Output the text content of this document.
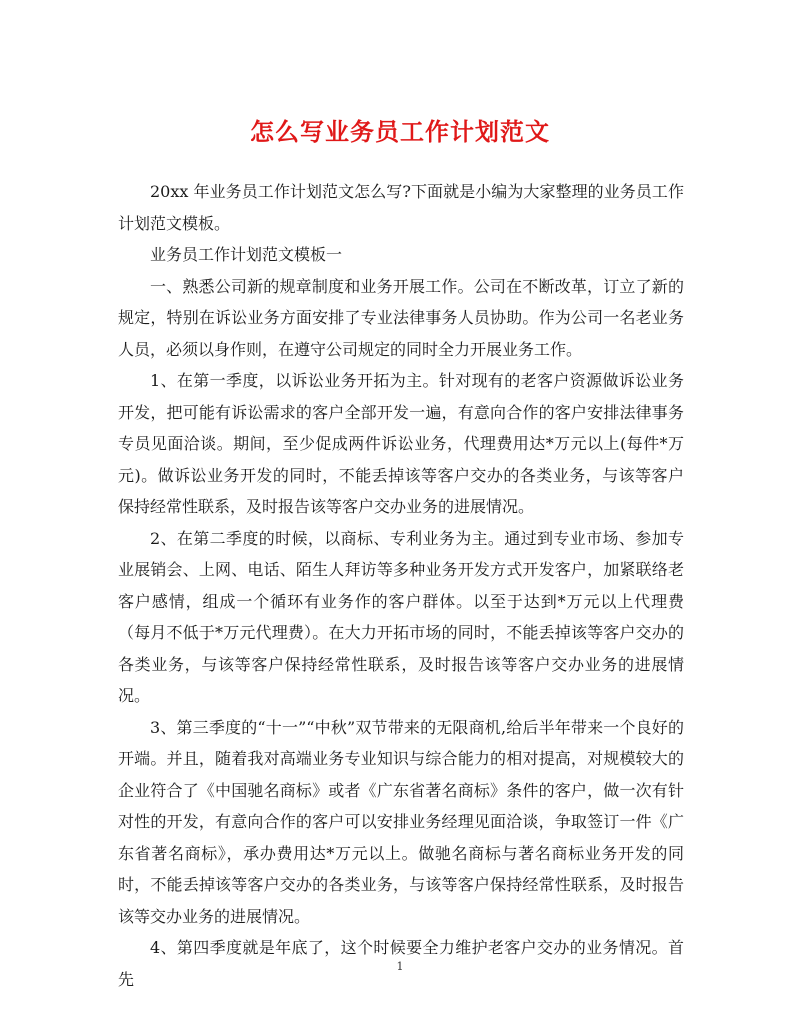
怎么写业务员工作计划范文

20xx 年业务员工作计划范文怎么写?下面就是小编为大家整理的业务员工作计划范文模板。

业务员工作计划范文模板一

一、熟悉公司新的规章制度和业务开展工作。公司在不断改革，订立了新的规定，特别在诉讼业务方面安排了专业法律事务人员协助。作为公司一名老业务人员，必须以身作则，在遵守公司规定的同时全力开展业务工作。

1、在第一季度，以诉讼业务开拓为主。针对现有的老客户资源做诉讼业务开发，把可能有诉讼需求的客户全部开发一遍，有意向合作的客户安排法律事务专员见面洽谈。期间，至少促成两件诉讼业务，代理费用达*万元以上(每件*万元)。做诉讼业务开发的同时，不能丢掉该等客户交办的各类业务，与该等客户保持经常性联系，及时报告该等客户交办业务的进展情况。

2、在第二季度的时候，以商标、专利业务为主。通过到专业市场、参加专业展销会、上网、电话、陌生人拜访等多种业务开发方式开发客户，加紧联络老客户感情，组成一个循环有业务作的客户群体。以至于达到*万元以上代理费（每月不低于*万元代理费）。在大力开拓市场的同时，不能丢掉该等客户交办的各类业务，与该等客户保持经常性联系，及时报告该等客户交办业务的进展情况。

3、第三季度的“十一”“中秋”双节带来的无限商机,给后半年带来一个良好的开端。并且，随着我对高端业务专业知识与综合能力的相对提高，对规模较大的企业符合了《中国驰名商标》或者《广东省著名商标》条件的客户，做一次有针对性的开发，有意向合作的客户可以安排业务经理见面洽谈，争取签订一件《广东省著名商标》，承办费用达*万元以上。做驰名商标与著名商标业务开发的同时，不能丢掉该等客户交办的各类业务，与该等客户保持经常性联系，及时报告该等交办业务的进展情况。

4、第四季度就是年底了，这个时候要全力维护老客户交办的业务情况。首先

1
